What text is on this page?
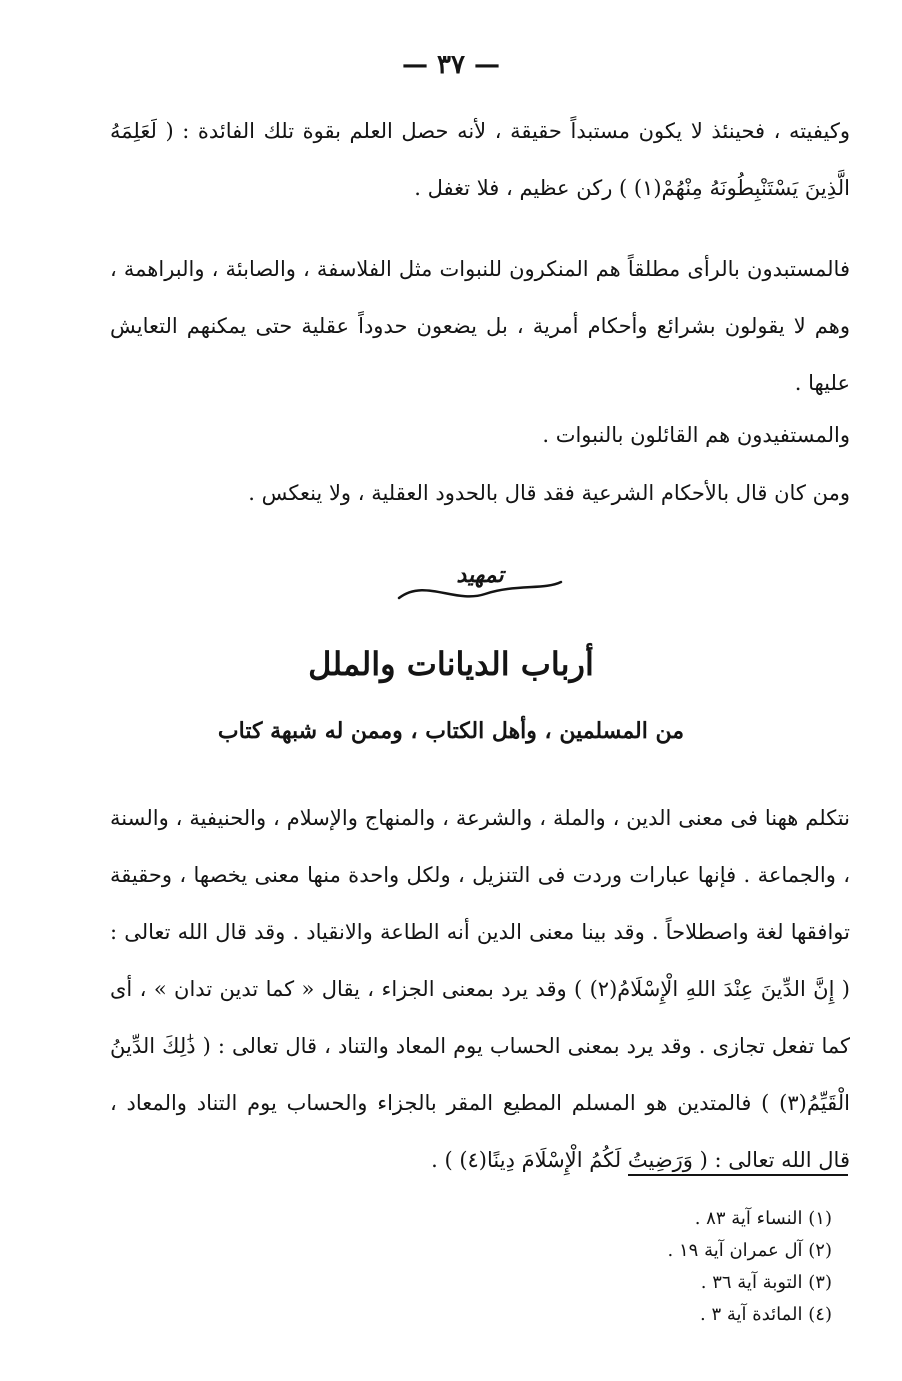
— ٣٧ —

وكيفيته ، فحينئذ لا يكون مستبداً حقيقة ، لأنه حصل العلم بقوة تلك الفائدة : ( لَعَلِمَهُ الَّذِينَ يَسْتَنْبِطُونَهُ مِنْهُمْ(١) ) ركن عظيم ، فلا تغفل .

فالمستبدون بالرأى مطلقاً هم المنكرون للنبوات مثل الفلاسفة ، والصابئة ، والبراهمة ، وهم لا يقولون بشرائع وأحكام أمرية ، بل يضعون حدوداً عقلية حتى يمكنهم التعايش عليها .

والمستفيدون هم القائلون بالنبوات .

ومن كان قال بالأحكام الشرعية فقد قال بالحدود العقلية ، ولا ينعكس .

تمهيد
أرباب الديانات والملل
من المسلمين ، وأهل الكتاب ، وممن له شبهة كتاب

نتكلم ههنا فى معنى الدين ، والملة ، والشرعة ، والمنهاج والإسلام ، والحنيفية ، والسنة ، والجماعة . فإنها عبارات وردت فى التنزيل ، ولكل واحدة منها معنى يخصها ، وحقيقة توافقها لغة واصطلاحاً . وقد بينا معنى الدين أنه الطاعة والانقياد . وقد قال الله تعالى : ( إِنَّ الدِّينَ عِنْدَ اللهِ الْإِسْلَامُ(٢) ) وقد يرد بمعنى الجزاء ، يقال « كما تدين تدان » ، أى كما تفعل تجازى . وقد يرد بمعنى الحساب يوم المعاد والتناد ، قال تعالى : ( ذَٰلِكَ الدِّينُ الْقَيِّمُ(٣) ) فالمتدين هو المسلم المطيع المقر بالجزاء والحساب يوم التناد والمعاد ، قال الله تعالى : ( وَرَضِيتُ لَكُمُ الْإِسْلَامَ دِينًا(٤) ) .

(١) النساء آية ٨٣ .
(٢) آل عمران آية ١٩ .
(٣) التوبة آية ٣٦ .
(٤) المائدة آية ٣ .
